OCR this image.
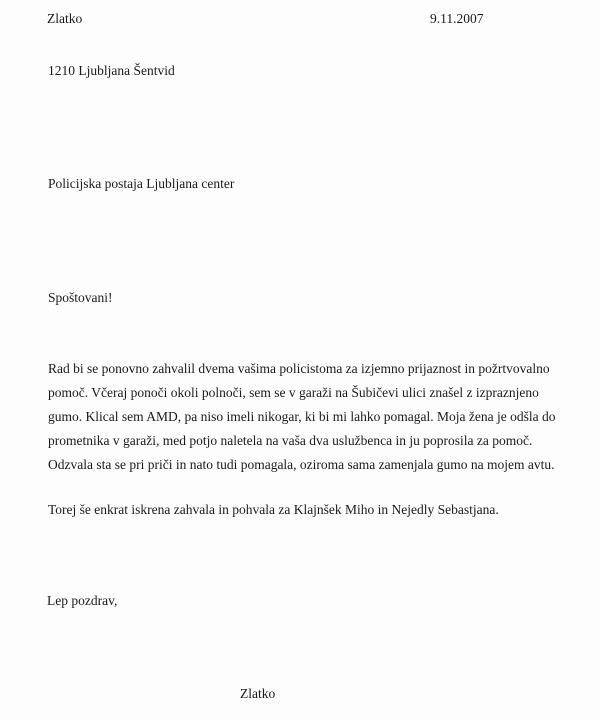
Zlatko	9.11.2007

1210 Ljubljana Šentvid

Policijska postaja Ljubljana center

Spoštovani!

Rad bi se ponovno zahvalil dvema vašima policistoma za izjemno prijaznost in požrtvovalno
pomoč. Včeraj ponoči okoli polnoči, sem se v garaži na Šubičevi ulici znašel z izpraznjeno
gumo. Klical sem AMD, pa niso imeli nikogar, ki bi mi lahko pomagal. Moja žena je odšla do
prometnika v garaži, med potjo naletela na vaša dva uslužbenca in ju poprosila za pomoč.
Odzvala sta se pri priči in nato tudi pomagala, oziroma sama zamenjala gumo na mojem avtu.

Torej še enkrat iskrena zahvala in pohvala za Klajnšek Miho in Nejedly Sebastjana.

Lep pozdrav,

Zlatko
